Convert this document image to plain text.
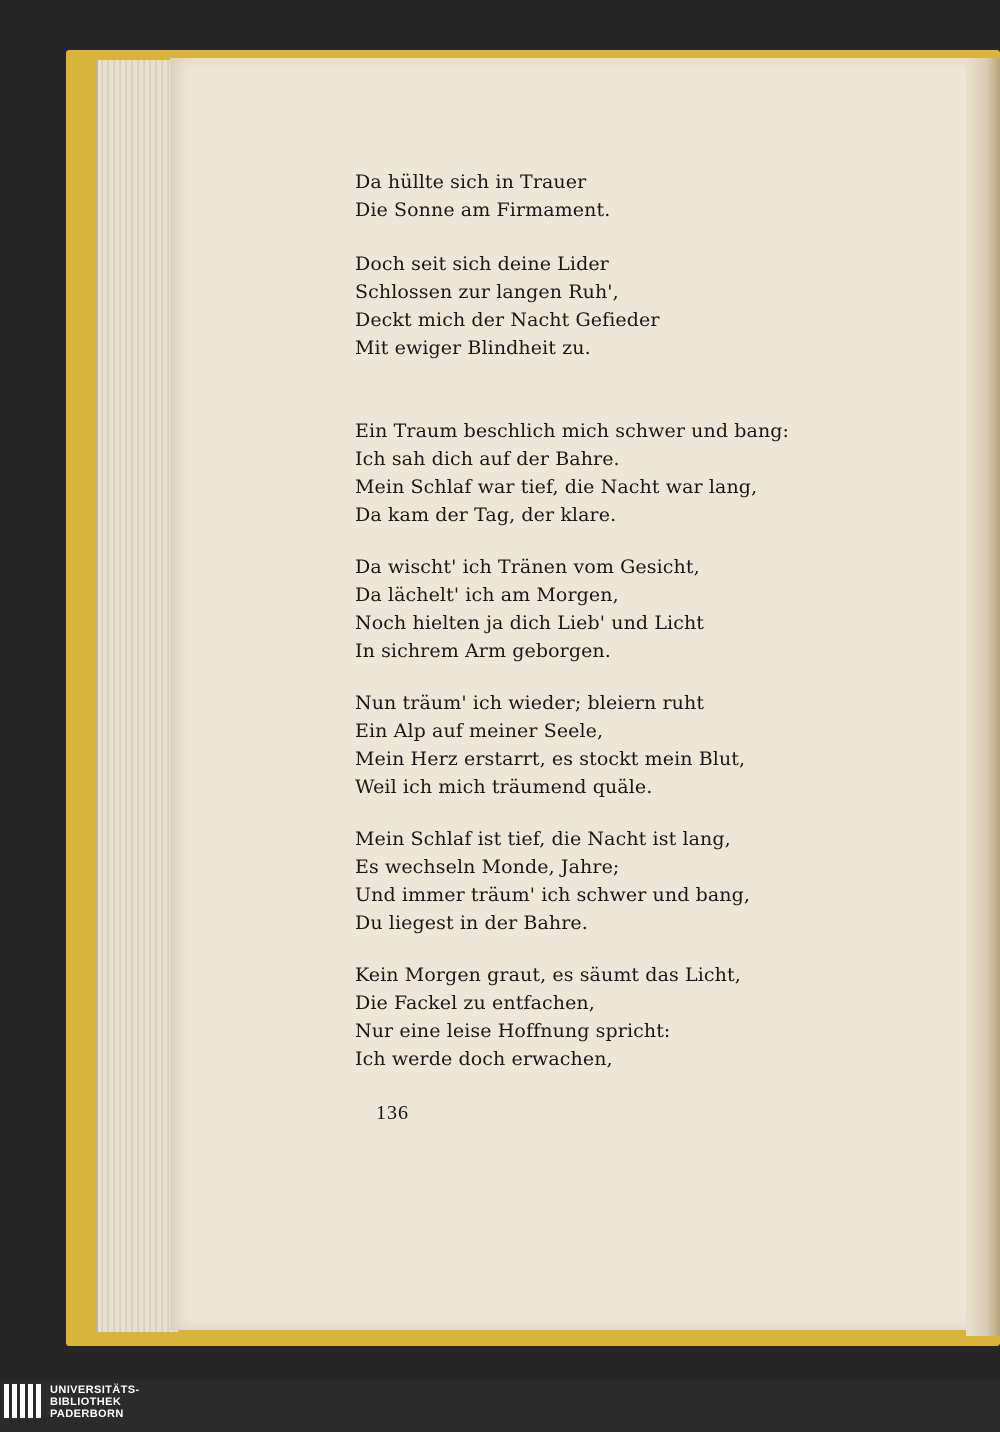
Da hüllte sich in Trauer
Die Sonne am Firmament.
Doch seit sich deine Lider
Schlossen zur langen Ruh',
Deckt mich der Nacht Gefieder
Mit ewiger Blindheit zu.
Ein Traum beschlich mich schwer und bang:
Ich sah dich auf der Bahre.
Mein Schlaf war tief, die Nacht war lang,
Da kam der Tag, der klare.
Da wischt' ich Tränen vom Gesicht,
Da lächelt' ich am Morgen,
Noch hielten ja dich Lieb' und Licht
In sichrem Arm geborgen.
Nun träum' ich wieder; bleiern ruht
Ein Alp auf meiner Seele,
Mein Herz erstarrt, es stockt mein Blut,
Weil ich mich träumend quäle.
Mein Schlaf ist tief, die Nacht ist lang,
Es wechseln Monde, Jahre;
Und immer träum' ich schwer und bang,
Du liegest in der Bahre.
Kein Morgen graut, es säumt das Licht,
Die Fackel zu entfachen,
Nur eine leise Hoffnung spricht:
Ich werde doch erwachen,
136
UNIVERSITÄTS-
BIBLIOTHEK
PADERBORN
